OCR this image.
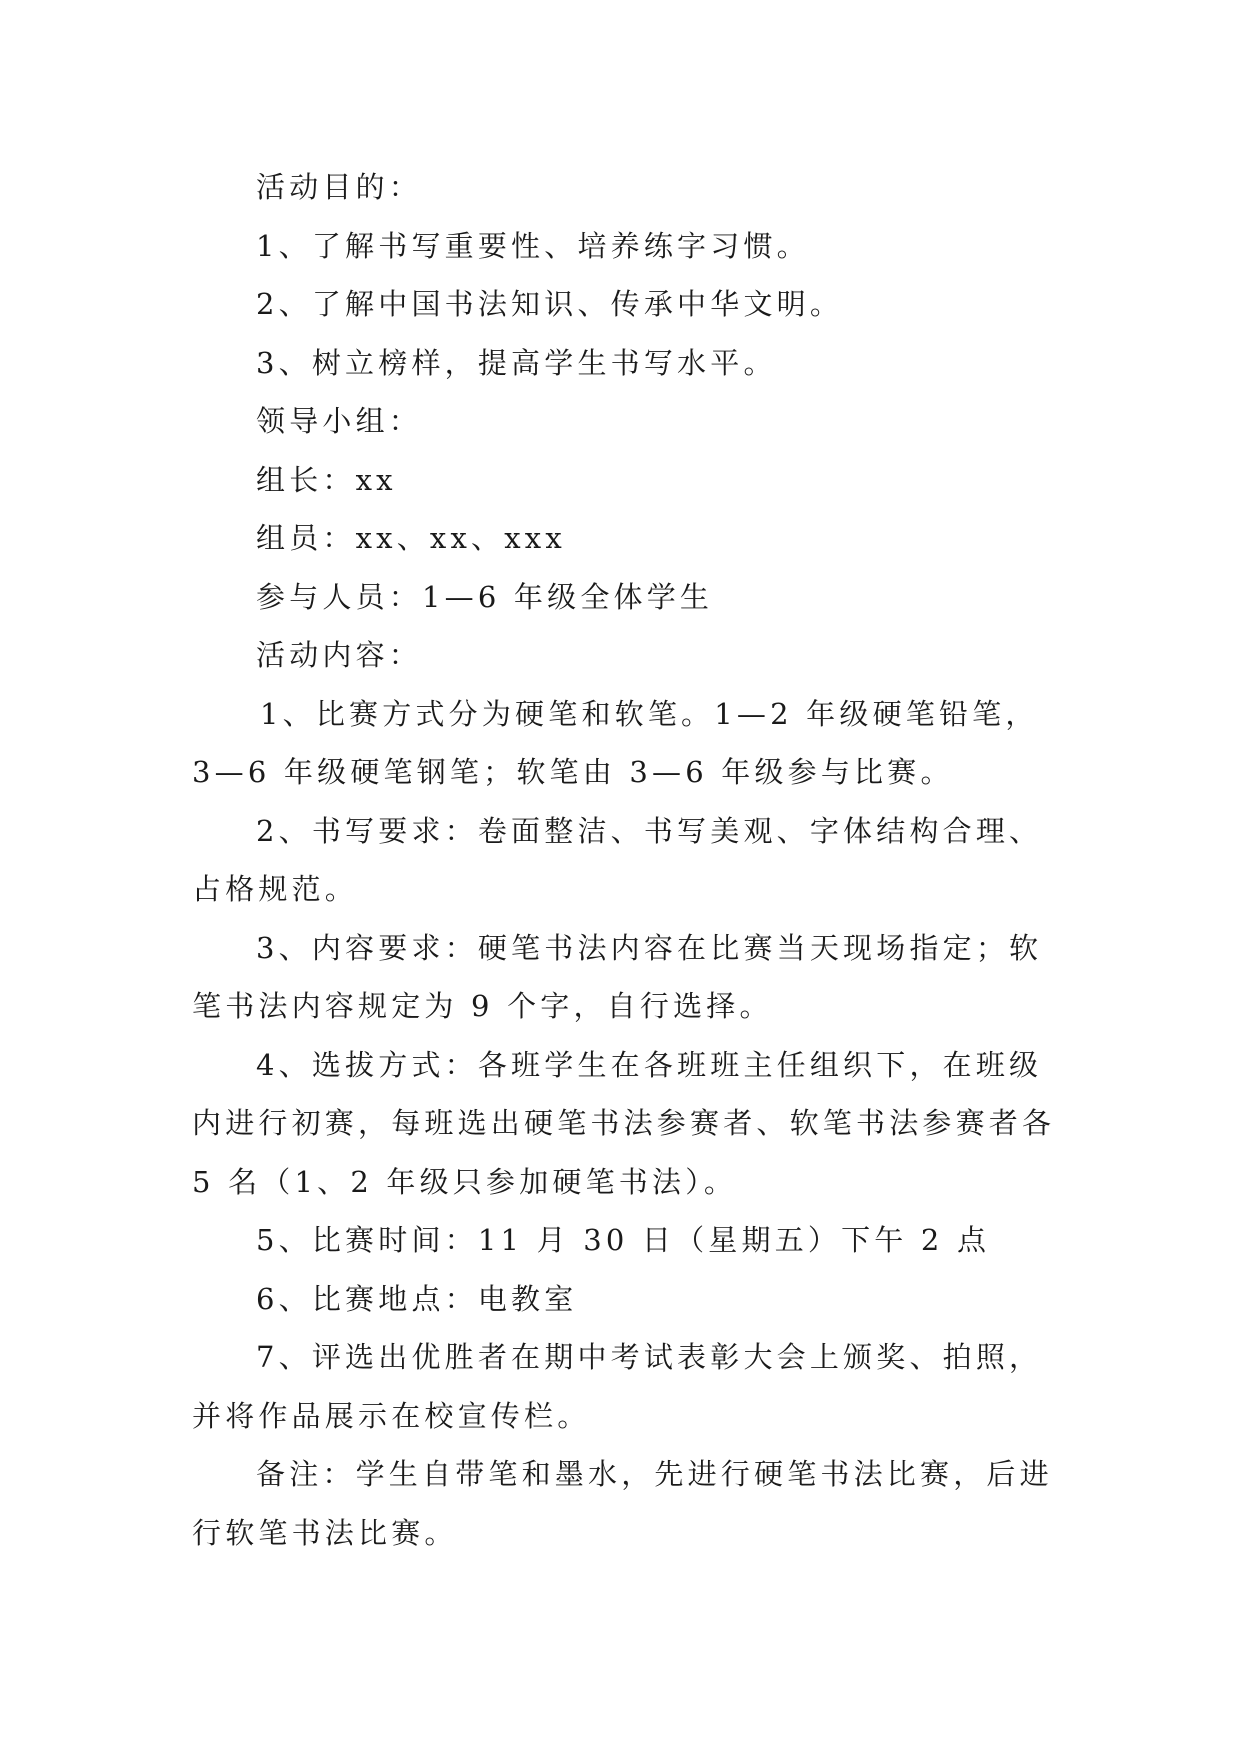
活动目的：
1、了解书写重要性、培养练字习惯。
2、了解中国书法知识、传承中华文明。
3、树立榜样，提高学生书写水平。
领导小组：
组长：xx
组员：xx、xx、xxx
参与人员：1—6 年级全体学生
活动内容：
1、比赛方式分为硬笔和软笔。1—2 年级硬笔铅笔，
3—6 年级硬笔钢笔；软笔由 3—6 年级参与比赛。
2、书写要求：卷面整洁、书写美观、字体结构合理、
占格规范。
3、内容要求：硬笔书法内容在比赛当天现场指定；软
笔书法内容规定为 9 个字，自行选择。
4、选拔方式：各班学生在各班班主任组织下，在班级
内进行初赛，每班选出硬笔书法参赛者、软笔书法参赛者各
5 名（1、2 年级只参加硬笔书法）。
5、比赛时间：11 月 30 日（星期五）下午 2 点
6、比赛地点：电教室
7、评选出优胜者在期中考试表彰大会上颁奖、拍照，
并将作品展示在校宣传栏。
备注：学生自带笔和墨水，先进行硬笔书法比赛，后进
行软笔书法比赛。
